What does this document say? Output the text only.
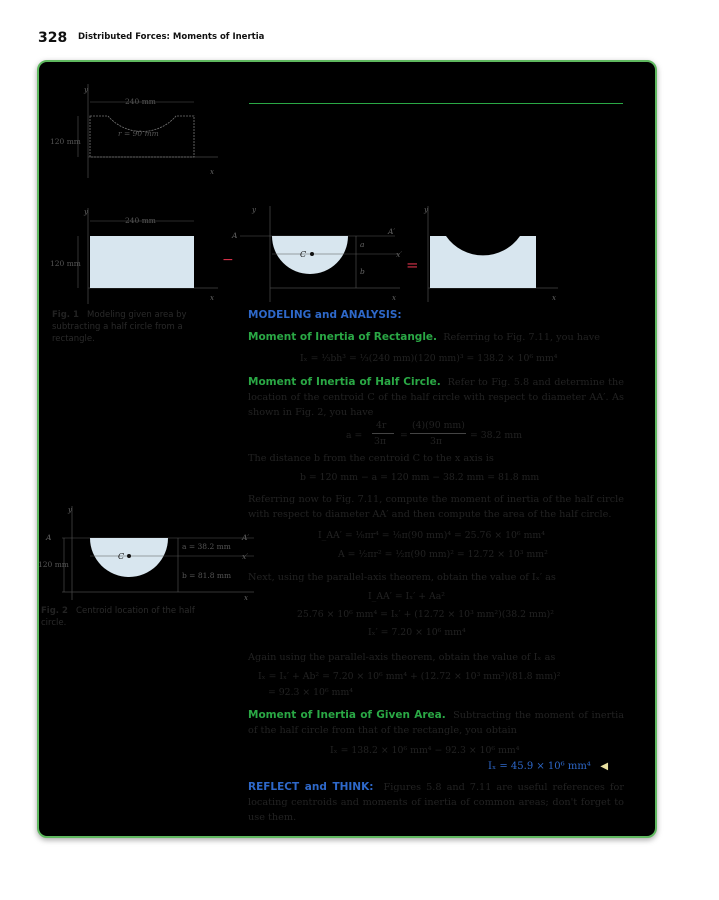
328 Distributed Forces: Moments of Inertia
y
x
240 mm
120 mm
r = 90 mm
y
x
240 mm
120 mm	−
y
x
A	A′
x′
C
a
b	=
y
x
Fig. 1 Modeling given area by subtracting a half circle from a rectangle.
y
A	A′
x
x′
C
120 mm
a = 38.2 mm
b = 81.8 mm
Fig. 2 Centroid location of the half circle.
MODELING and ANALYSIS:
Moment of Inertia of Rectangle. Referring to Fig. 7.11, you have
Iₓ = ⅓bh³ = ⅓(240 mm)(120 mm)³ = 138.2 × 10⁶ mm⁴
Moment of Inertia of Half Circle. Refer to Fig. 5.8 and determine the location of the centroid C of the half circle with respect to diameter AA′. As shown in Fig. 2, you have
a =
4r
3π
=
(4)(90 mm)
3π
= 38.2 mm
The distance b from the centroid C to the x axis is
b = 120 mm − a = 120 mm − 38.2 mm = 81.8 mm
Referring now to Fig. 7.11, compute the moment of inertia of the half circle with respect to diameter AA′ and then compute the area of the half circle.
I_AA′ = ⅛πr⁴ = ⅛π(90 mm)⁴ = 25.76 × 10⁶ mm⁴
A = ½πr² = ½π(90 mm)² = 12.72 × 10³ mm²
Next, using the parallel-axis theorem, obtain the value of Iₓ′ as
I_AA′ = Iₓ′ + Aa²
25.76 × 10⁶ mm⁴ = Iₓ′ + (12.72 × 10³ mm²)(38.2 mm)²
Iₓ′ = 7.20 × 10⁶ mm⁴
Again using the parallel-axis theorem, obtain the value of Iₓ as
Iₓ = Iₓ′ + Ab² = 7.20 × 10⁶ mm⁴ + (12.72 × 10³ mm²)(81.8 mm)²
= 92.3 × 10⁶ mm⁴
Moment of Inertia of Given Area. Subtracting the moment of inertia of the half circle from that of the rectangle, you obtain
Iₓ = 138.2 × 10⁶ mm⁴ − 92.3 × 10⁶ mm⁴
Iₓ = 45.9 × 10⁶ mm⁴ ◀
REFLECT and THINK: Figures 5.8 and 7.11 are useful references for locating centroids and moments of inertia of common areas; don't forget to use them.
